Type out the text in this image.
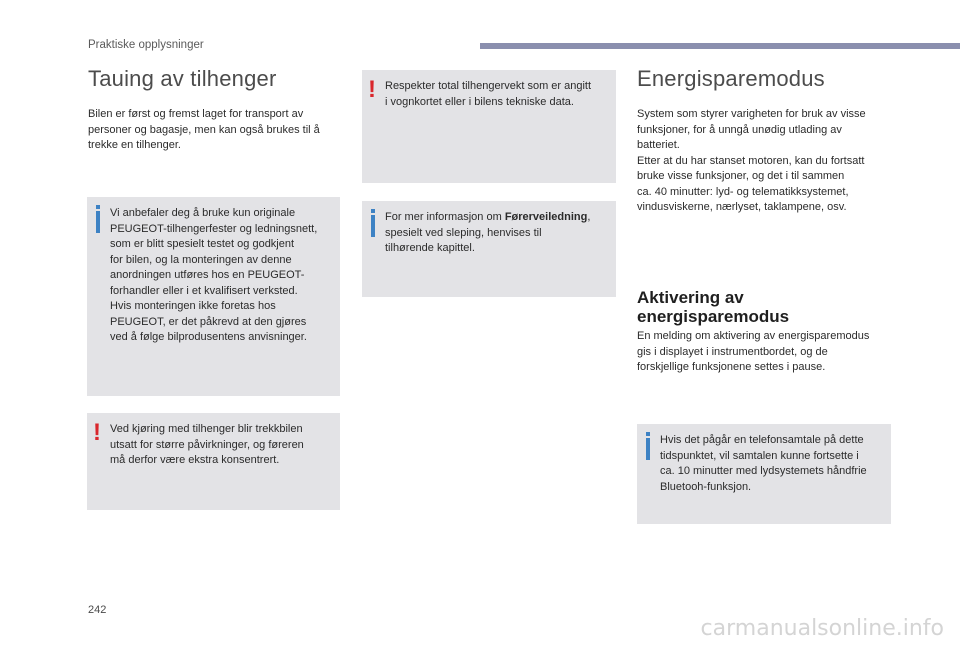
Praktiske opplysninger
Tauing av tilhenger

Bilen er først og fremst laget for transport av
personer og bagasje, men kan også brukes til å
trekke en tilhenger.

Vi anbefaler deg å bruke kun originale
PEUGEOT-tilhengerfester og ledningsnett,
som er blitt spesielt testet og godkjent
for bilen, og la monteringen av denne
anordningen utføres hos en PEUGEOT-
forhandler eller i et kvalifisert verksted.
Hvis monteringen ikke foretas hos
PEUGEOT, er det påkrevd at den gjøres
ved å følge bilprodusentens anvisninger.
! Ved kjøring med tilhenger blir trekkbilen
utsatt for større påvirkninger, og føreren
må derfor være ekstra konsentrert.
! Respekter total tilhengervekt som er angitt
i vognkortet eller i bilens tekniske data.
For mer informasjon om Førerveiledning,
spesielt ved sleping, henvises til
tilhørende kapittel.
Energisparemodus

System som styrer varigheten for bruk av visse
funksjoner, for å unngå unødig utlading av
batteriet.
Etter at du har stanset motoren, kan du fortsatt
bruke visse funksjoner, og det i til sammen
ca. 40 minutter: lyd- og telematikksystemet,
vindusviskerne, nærlyset, taklampene, osv.

Aktivering av
energisparemodus

En melding om aktivering av energisparemodus
gis i displayet i instrumentbordet, og de
forskjellige funksjonene settes i pause.

Hvis det pågår en telefonsamtale på dette
tidspunktet, vil samtalen kunne fortsette i
ca. 10 minutter med lydsystemets håndfrie
Bluetooh-funksjon.
242
carmanualsonline.info
